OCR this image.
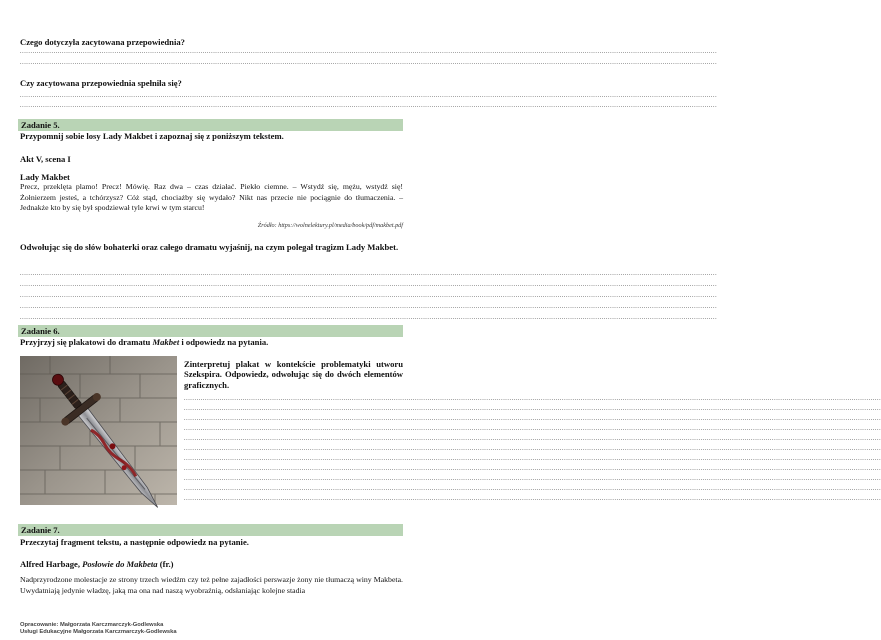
Czego dotyczyła zacytowana przepowiednia?
............................................................................................................................................................................................................................................................................................................................................
............................................................................................................................................................................................................................................................................................................................................
Czy zacytowana przepowiednia spełniła się?
............................................................................................................................................................................................................................................................................................................................................
............................................................................................................................................................................................................................................................................................................................................
Zadanie 5.
Przypomnij sobie losy Lady Makbet i zapoznaj się z poniższym tekstem.
Akt V, scena I
Lady Makbet
Precz, przeklęta plamo! Precz! Mówię. Raz dwa – czas działać. Piekło ciemne. – Wstydź się, mężu, wstydź się! Żołnierzem jesteś, a tchórzysz? Cóż stąd, chociażby się wydało? Nikt nas przecie nie pociągnie do tłumaczenia. – Jednakże kto by się był spodziewał tyle krwi w tym starcu!
Źródło: https://wolnelektury.pl/media/book/pdf/makbet.pdf
Odwołując się do słów bohaterki oraz całego dramatu wyjaśnij, na czym polegał tragizm Lady Makbet.
............................................................................................................................................................................................................................................................................................................................................
............................................................................................................................................................................................................................................................................................................................................
............................................................................................................................................................................................................................................................................................................................................
............................................................................................................................................................................................................................................................................................................................................
............................................................................................................................................................................................................................................................................................................................................
Zadanie 6.
Przyjrzyj się plakatowi do dramatu Makbet i odpowiedz na pytania.
Zinterpretuj plakat w kontekście problematyki utworu Szekspira. Odpowiedz, odwołując się do dwóch elementów graficznych.
............................................................................................................................................................................................................................................................................................................................................
............................................................................................................................................................................................................................................................................................................................................
............................................................................................................................................................................................................................................................................................................................................
............................................................................................................................................................................................................................................................................................................................................
............................................................................................................................................................................................................................................................................................................................................
............................................................................................................................................................................................................................................................................................................................................
............................................................................................................................................................................................................................................................................................................................................
............................................................................................................................................................................................................................................................................................................................................
............................................................................................................................................................................................................................................................................................................................................
............................................................................................................................................................................................................................................................................................................................................
............................................................................................................................................................................................................................................................................................................................................
Zadanie 7.
Przeczytaj fragment tekstu, a następnie odpowiedz na pytanie.
Alfred Harbage, Posłowie do Makbeta (fr.)
Nadprzyrodzone molestacje ze strony trzech wiedźm czy też pełne zajadłości perswazje żony nie tłumaczą winy Makbeta. Uwydatniają jedynie władzę, jaką ma ona nad naszą wyobraźnią, odsłaniając kolejne stadia
Opracowanie: Małgorzata Karczmarczyk-Godlewska
Usługi Edukacyjne Małgorzata Karczmarczyk-Godlewska
